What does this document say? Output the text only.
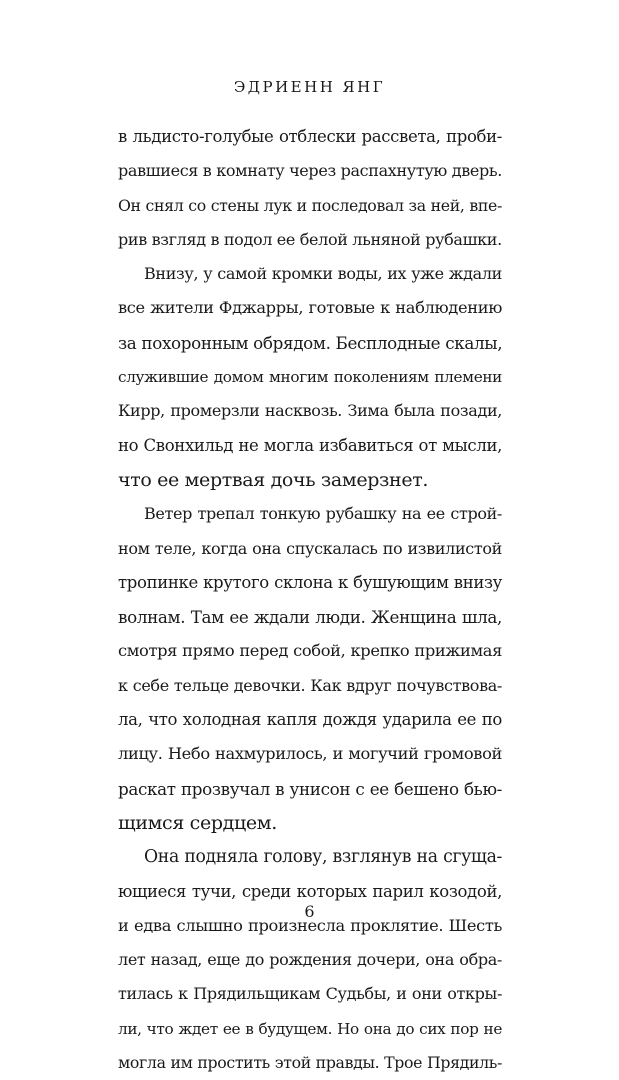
ЭДРИЕНН ЯНГ
в льдисто-голубые отблески рассвета, проби-
равшиеся в комнату через распахнутую дверь.
Он снял со стены лук и последовал за ней, впе-
рив взгляд в подол ее белой льняной рубашки.
Внизу, у самой кромки воды, их уже ждали
все жители Фджарры, готовые к наблюдению
за похоронным обрядом. Бесплодные скалы,
служившие домом многим поколениям племени
Кирр, промерзли насквозь. Зима была позади,
но Свонхильд не могла избавиться от мысли,
что ее мертвая дочь замерзнет.
Ветер трепал тонкую рубашку на ее строй-
ном теле, когда она спускалась по извилистой
тропинке крутого склона к бушующим внизу
волнам. Там ее ждали люди. Женщина шла,
смотря прямо перед собой, крепко прижимая
к себе тельце девочки. Как вдруг почувствова-
ла, что холодная капля дождя ударила ее по
лицу. Небо нахмурилось, и могучий громовой
раскат прозвучал в унисон с ее бешено бью-
щимся сердцем.
Она подняла голову, взглянув на сгуща-
ющиеся тучи, среди которых парил козодой,
и едва слышно произнесла проклятие. Шесть
лет назад, еще до рождения дочери, она обра-
тилась к Прядильщикам Судьбы, и они откры-
ли, что ждет ее в будущем. Но она до сих пор не
могла им простить этой правды. Трое Прядиль-
6
